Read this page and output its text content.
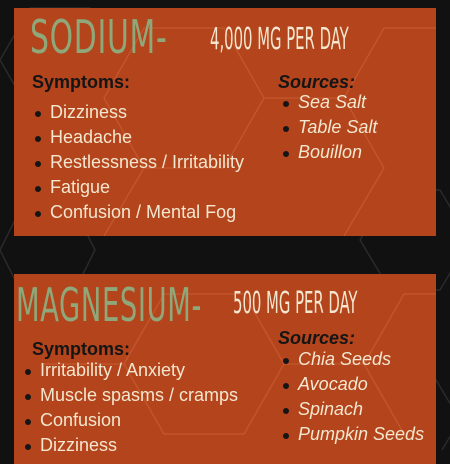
SODIUM- 4,000 MG PER DAY
Symptoms:
Dizziness
Headache
Restlessness / Irritability
Fatigue
Confusion / Mental Fog
Sources:
Sea Salt
Table Salt
Bouillon
MAGNESIUM- 500 MG PER DAY
Symptoms:
Irritability / Anxiety
Muscle spasms / cramps
Confusion
Dizziness
Sources:
Chia Seeds
Avocado
Spinach
Pumpkin Seeds
